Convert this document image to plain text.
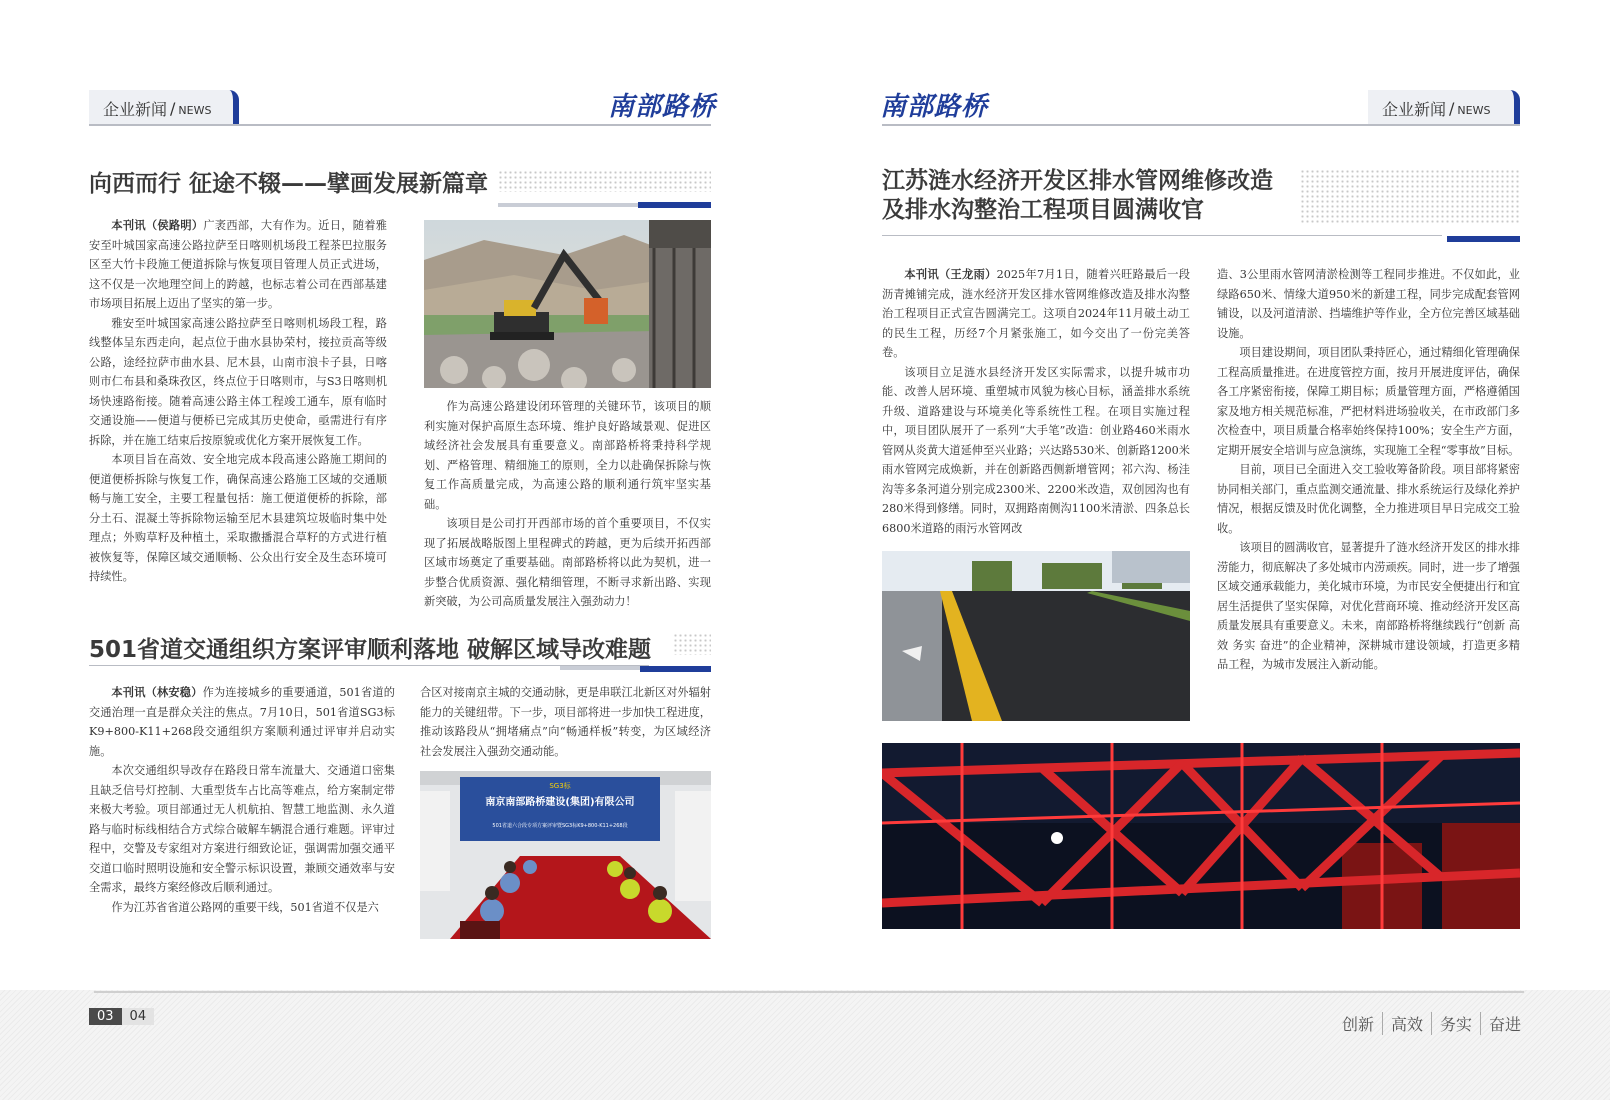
企业新闻 / NEWS	南部路桥
向西而行 征途不辍——擘画发展新篇章

本刊讯（侯路明）广袤西部，大有作为。近日，随着雅安至叶城国家高速公路拉萨至日喀则机场段工程茶巴拉服务区至大竹卡段施工便道拆除与恢复项目管理人员正式进场，这不仅是一次地理空间上的跨越，也标志着公司在西部基建市场项目拓展上迈出了坚实的第一步。

雅安至叶城国家高速公路拉萨至日喀则机场段工程，路线整体呈东西走向，起点位于曲水县协荣村，接拉贡高等级公路，途经拉萨市曲水县、尼木县，山南市浪卡子县，日喀则市仁布县和桑珠孜区，终点位于日喀则市，与S3日喀则机场快速路衔接。随着高速公路主体工程竣工通车，原有临时交通设施——便道与便桥已完成其历史使命，亟需进行有序拆除，并在施工结束后按原貌或优化方案开展恢复工作。

本项目旨在高效、安全地完成本段高速公路施工期间的便道便桥拆除与恢复工作，确保高速公路施工区域的交通顺畅与施工安全，主要工程量包括：施工便道便桥的拆除，部分土石、混凝土等拆除物运输至尼木县建筑垃圾临时集中处理点；外购草籽及种植土，采取撒播混合草籽的方式进行植被恢复等，保障区域交通顺畅、公众出行安全及生态环境可持续性。

作为高速公路建设闭环管理的关键环节，该项目的顺利实施对保护高原生态环境、维护良好路域景观、促进区域经济社会发展具有重要意义。南部路桥将秉持科学规划、严格管理、精细施工的原则，全力以赴确保拆除与恢复工作高质量完成，为高速公路的顺利通行筑牢坚实基础。

该项目是公司打开西部市场的首个重要项目，不仅实现了拓展战略版图上里程碑式的跨越，更为后续开拓西部区域市场奠定了重要基础。南部路桥将以此为契机，进一步整合优质资源、强化精细管理，不断寻求新出路、实现新突破，为公司高质量发展注入强劲动力！

501省道交通组织方案评审顺利落地 破解区域导改难题

本刊讯（林安稳）作为连接城乡的重要通道，501省道的交通治理一直是群众关注的焦点。7月10日，501省道SG3标K9+800-K11+268段交通组织方案顺利通过评审并启动实施。

本次交通组织导改存在路段日常车流量大、交通道口密集且缺乏信号灯控制、大重型货车占比高等难点，给方案制定带来极大考验。项目部通过无人机航拍、智慧工地监测、永久道路与临时标线相结合方式综合破解车辆混合通行难题。评审过程中，交警及专家组对方案进行细致论证，强调需加强交通平交道口临时照明设施和安全警示标识设置，兼顾交通效率与安全需求，最终方案经修改后顺利通过。

作为江苏省省道公路网的重要干线，501省道不仅是六

合区对接南京主城的交通动脉，更是串联江北新区对外辐射能力的关键纽带。下一步，项目部将进一步加快工程进度，推动该路段从“拥堵痛点”向“畅通样板”转变，为区域经济社会发展注入强劲交通动能。

SG3标
南京南部路桥建设(集团)有限公司
501省道六合段专项方案评审暨SG3标K9+800-K11+268段
南部路桥	企业新闻 / NEWS
江苏涟水经济开发区排水管网维修改造
及排水沟整治工程项目圆满收官

本刊讯（王龙雨）2025年7月1日，随着兴旺路最后一段沥青摊铺完成，涟水经济开发区排水管网维修改造及排水沟整治工程项目正式宣告圆满完工。这项自2024年11月破土动工的民生工程，历经7个月紧张施工，如今交出了一份完美答卷。

该项目立足涟水县经济开发区实际需求，以提升城市功能、改善人居环境、重塑城市风貌为核心目标，涵盖排水系统升级、道路建设与环境美化等系统性工程。在项目实施过程中，项目团队展开了一系列“大手笔”改造：创业路460米雨水管网从炎黄大道延伸至兴业路；兴达路530米、创新路1200米雨水管网完成焕新，并在创新路西侧新增管网；祁六沟、杨洼沟等多条河道分别完成2300米、2200米改造，双创园沟也有280米得到修缮。同时，双拥路南侧沟1100米清淤、四条总长6800米道路的雨污水管网改

造、3公里雨水管网清淤检测等工程同步推进。不仅如此，业绿路650米、情缘大道950米的新建工程，同步完成配套管网铺设，以及河道清淤、挡墙维护等作业，全方位完善区域基础设施。

项目建设期间，项目团队秉持匠心，通过精细化管理确保工程高质量推进。在进度管控方面，按月开展进度评估，确保各工序紧密衔接，保障工期目标；质量管理方面，严格遵循国家及地方相关规范标准，严把材料进场验收关，在市政部门多次检查中，项目质量合格率始终保持100%；安全生产方面，定期开展安全培训与应急演练，实现施工全程“零事故”目标。

目前，项目已全面进入交工验收筹备阶段。项目部将紧密协同相关部门，重点监测交通流量、排水系统运行及绿化养护情况，根据反馈及时优化调整，全力推进项目早日完成交工验收。

该项目的圆满收官，显著提升了涟水经济开发区的排水排涝能力，彻底解决了多处城市内涝顽疾。同时，进一步了增强区域交通承载能力，美化城市环境，为市民安全便捷出行和宜居生活提供了坚实保障，对优化营商环境、推动经济开发区高质量发展具有重要意义。未来，南部路桥将继续践行“创新 高效 务实 奋进”的企业精神，深耕城市建设领域，打造更多精品工程，为城市发展注入新动能。

03	04	创新	高效	务实	奋进
